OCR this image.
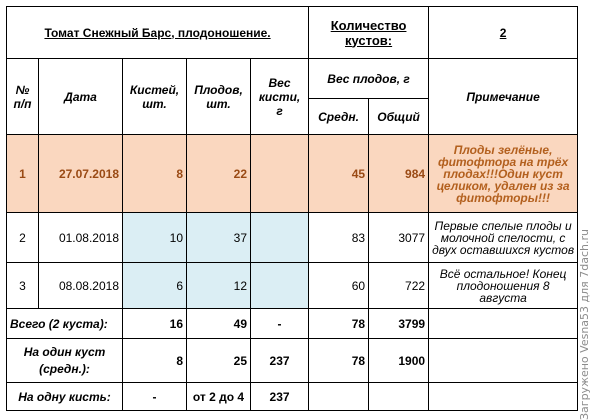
Томат Снежный Барс, плодоношение.					Количество кустов:		2
№ п/п	Дата	Кистей, шт.	Плодов, шт.	Вес кисти, г	Вес плодов, г		Примечание
					Средн.	Общий	
1	27.07.2018	8	22		45	984	Плоды зелёные, фитофтора на трёх плодах!!!Один куст целиком, удален из за фитофторы!!!
2	01.08.2018	10	37		83	3077	Первые спелые плоды и молочной спелости, с двух оставшихся кустов
3	08.08.2018	6	12		60	722	Всё остальное! Конец плодоношения 8 августа
Всего (2 куста):		16	49	-	78	3799	
На один куст (средн.):		8	25	237	78	1900	
На одну кисть:		-	от 2 до 4	237				Загружено Vesna53 для 7dach.ru
